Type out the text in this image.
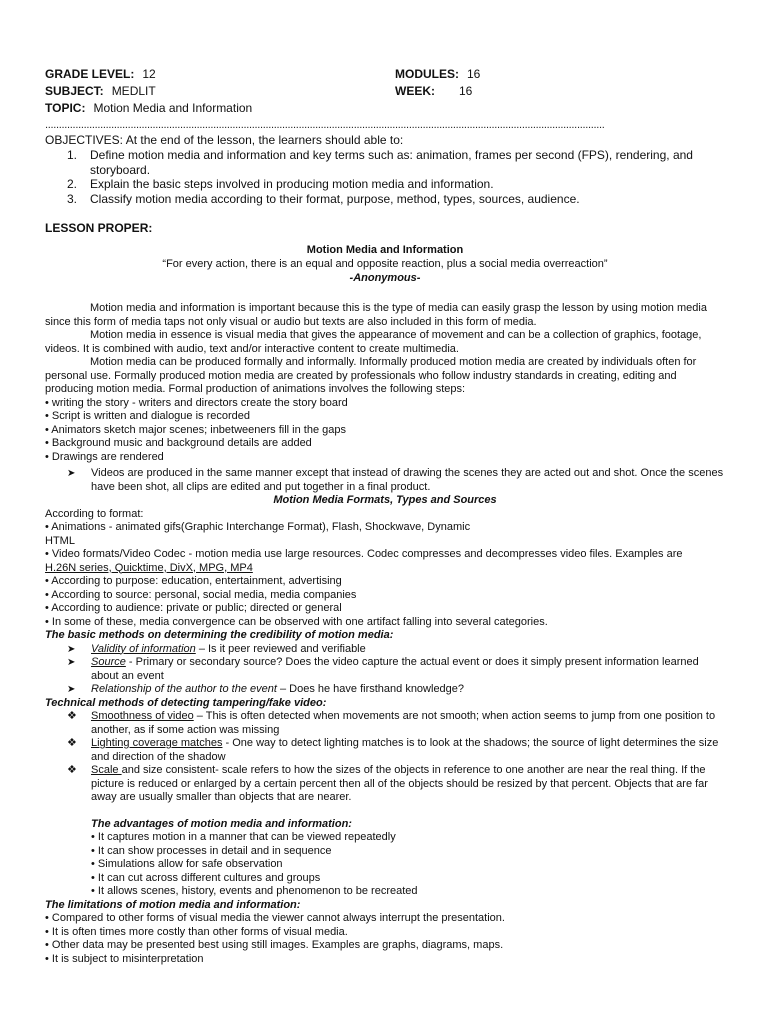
GRADE LEVEL: 12	MODULES: 16
SUBJECT: MEDLIT	WEEK: 16
TOPIC: Motion Media and Information
...........................................................................................................................................................................................................
OBJECTIVES: At the end of the lesson, the learners should able to:
1. Define motion media and information and key terms such as: animation, frames per second (FPS), rendering, and storyboard.
2. Explain the basic steps involved in producing motion media and information.
3. Classify motion media according to their format, purpose, method, types, sources, audience.
LESSON PROPER:
Motion Media and Information
“For every action, there is an equal and opposite reaction, plus a social media overreaction”
-Anonymous-

Motion media and information is important because this is the type of media can easily grasp the lesson by using motion media since this form of media taps not only visual or audio but texts are also included in this form of media.

Motion media in essence is visual media that gives the appearance of movement and can be a collection of graphics, footage, videos. It is combined with audio, text and/or interactive content to create multimedia.

Motion media can be produced formally and informally. Informally produced motion media are created by individuals often for personal use. Formally produced motion media are created by professionals who follow industry standards in creating, editing and producing motion media. Formal production of animations involves the following steps:

• writing the story - writers and directors create the story board
• Script is written and dialogue is recorded
• Animators sketch major scenes; inbetweeners fill in the gaps
• Background music and background details are added
• Drawings are rendered
➤ Videos are produced in the same manner except that instead of drawing the scenes they are acted out and shot. Once the scenes have been shot, all clips are edited and put together in a final product.
Motion Media Formats, Types and Sources
According to format:
• Animations - animated gifs(Graphic Interchange Format), Flash, Shockwave, Dynamic
HTML
• Video formats/Video Codec - motion media use large resources. Codec compresses and decompresses video files. Examples are
H.26N series, Quicktime, DivX, MPG, MP4
• According to purpose: education, entertainment, advertising
• According to source: personal, social media, media companies
• According to audience: private or public; directed or general
• In some of these, media convergence can be observed with one artifact falling into several categories.
The basic methods on determining the credibility of motion media:
➤ Validity of information – Is it peer reviewed and verifiable
➤ Source - Primary or secondary source? Does the video capture the actual event or does it simply present information learned about an event
➤ Relationship of the author to the event – Does he have firsthand knowledge?
Technical methods of detecting tampering/fake video:
❖ Smoothness of video – This is often detected when movements are not smooth; when action seems to jump from one position to another, as if some action was missing
❖ Lighting coverage matches - One way to detect lighting matches is to look at the shadows; the source of light determines the size and direction of the shadow
❖ Scale and size consistent- scale refers to how the sizes of the objects in reference to one another are near the real thing. If the picture is reduced or enlarged by a certain percent then all of the objects should be resized by that percent. Objects that are far away are usually smaller than objects that are nearer.
The advantages of motion media and information:
• It captures motion in a manner that can be viewed repeatedly
• It can show processes in detail and in sequence
• Simulations allow for safe observation
• It can cut across different cultures and groups
• It allows scenes, history, events and phenomenon to be recreated
The limitations of motion media and information:
• Compared to other forms of visual media the viewer cannot always interrupt the presentation.
• It is often times more costly than other forms of visual media.
• Other data may be presented best using still images. Examples are graphs, diagrams, maps.
• It is subject to misinterpretation
